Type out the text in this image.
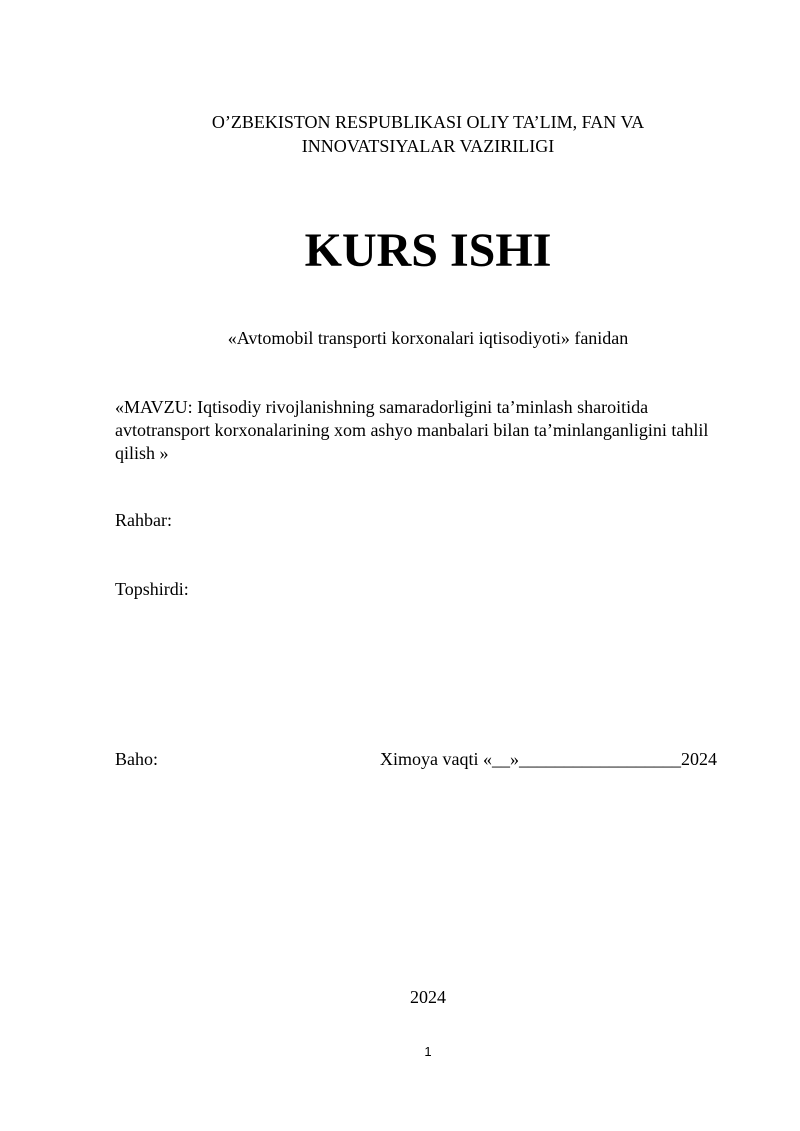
O’ZBEKISTON RESPUBLIKASI OLIY TA’LIM, FAN VA
INNOVATSIYALAR VAZIRILIGI
KURS ISHI
«Avtomobil transporti korxonalari iqtisodiyoti» fanidan
«MAVZU: Iqtisodiy rivojlanishning samaradorligini ta’minlash sharoitida
avtotransport korxonalarining xom ashyo manbalari bilan ta’minlanganligini tahlil
qilish »
Rahbar:
Topshirdi:
Baho:	Ximoya vaqti «__»__________________2024
2024
1
